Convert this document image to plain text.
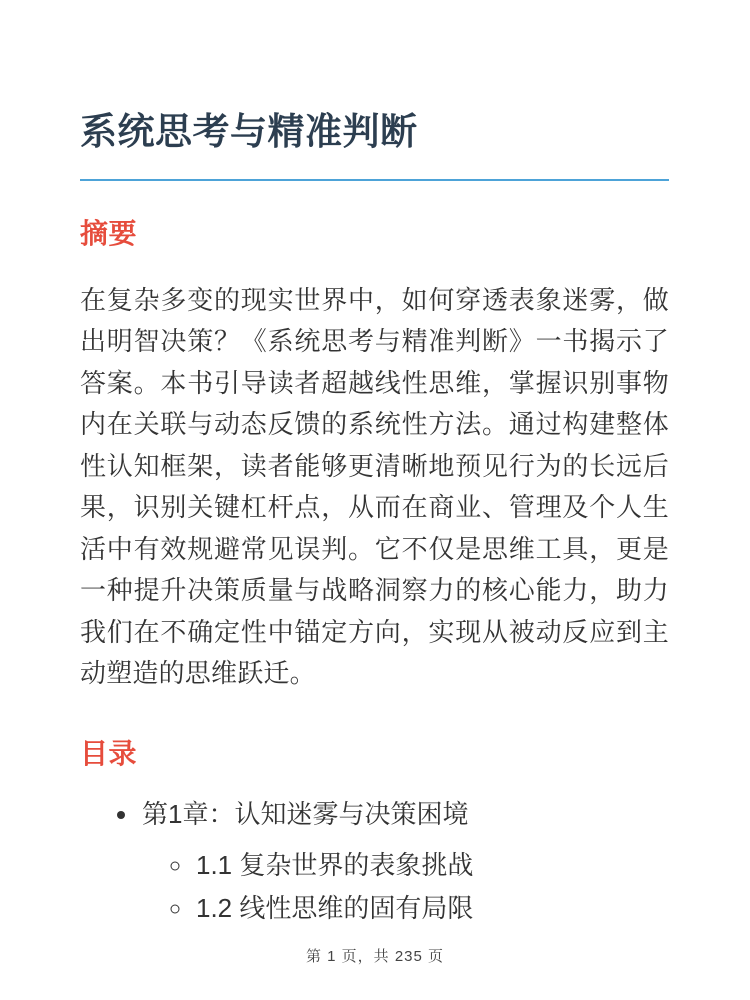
系统思考与精准判断
摘要

在复杂多变的现实世界中，如何穿透表象迷雾，做出明智决策？《系统思考与精准判断》一书揭示了答案。本书引导读者超越线性思维，掌握识别事物内在关联与动态反馈的系统性方法。通过构建整体性认知框架，读者能够更清晰地预见行为的长远后果，识别关键杠杆点，从而在商业、管理及个人生活中有效规避常见误判。它不仅是思维工具，更是一种提升决策质量与战略洞察力的核心能力，助力我们在不确定性中锚定方向，实现从被动反应到主动塑造的思维跃迁。

目录
• 第1章：认知迷雾与决策困境
◦ 1.1 复杂世界的表象挑战
◦ 1.2 线性思维的固有局限
第 1 页，共 235 页
